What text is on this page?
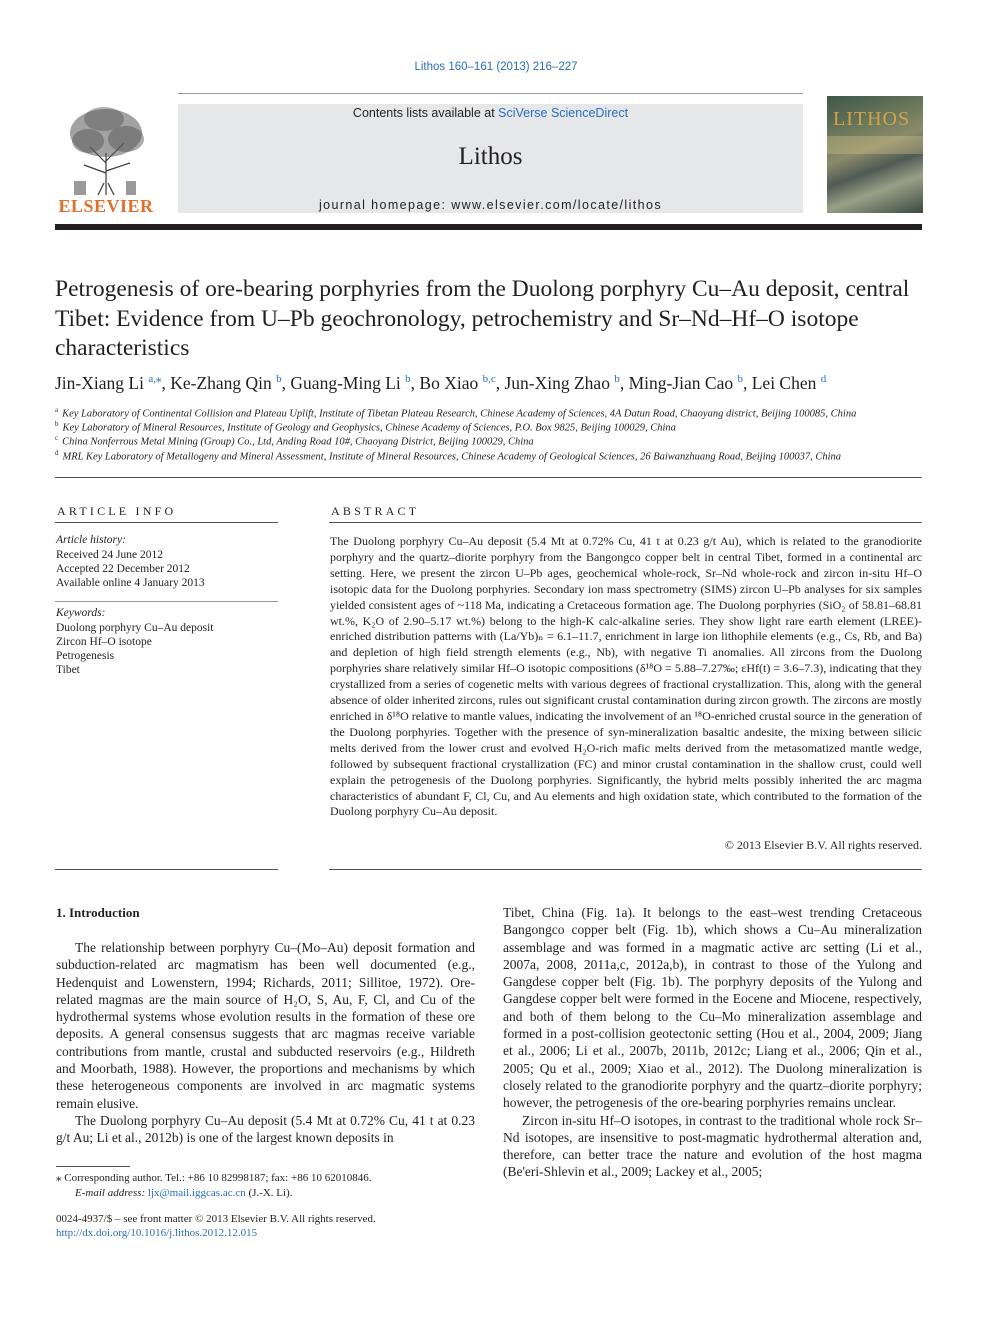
Lithos 160–161 (2013) 216–227
ELSEVIER
Contents lists available at SciVerse ScienceDirect
Lithos
journal homepage: www.elsevier.com/locate/lithos
LITHOS
Petrogenesis of ore-bearing porphyries from the Duolong porphyry Cu–Au deposit, central Tibet: Evidence from U–Pb geochronology, petrochemistry and Sr–Nd–Hf–O isotope characteristics
Jin-Xiang Li $^{a,⁎}$, Ke-Zhang Qin $^b$, Guang-Ming Li $^b$, Bo Xiao $^{b,c}$, Jun-Xing Zhao $^b$, Ming-Jian Cao $^b$, Lei Chen $^d$
$^a$ Key Laboratory of Continental Collision and Plateau Uplift, Institute of Tibetan Plateau Research, Chinese Academy of Sciences, 4A Datun Road, Chaoyang district, Beijing 100085, China
$^b$ Key Laboratory of Mineral Resources, Institute of Geology and Geophysics, Chinese Academy of Sciences, P.O. Box 9825, Beijing 100029, China
$^c$ China Nonferrous Metal Mining (Group) Co., Ltd, Anding Road 10#, Chaoyang District, Beijing 100029, China
$^d$ MRL Key Laboratory of Metallogeny and Mineral Assessment, Institute of Mineral Resources, Chinese Academy of Geological Sciences, 26 Baiwanzhuang Road, Beijing 100037, China
ARTICLE INFO	ABSTRACT
Article history:
Received 24 June 2012
Accepted 22 December 2012
Available online 4 January 2013
Keywords:
Duolong porphyry Cu–Au deposit
Zircon Hf–O isotope
Petrogenesis
Tibet
The Duolong porphyry Cu–Au deposit (5.4 Mt at 0.72% Cu, 41 t at 0.23 g/t Au), which is related to the granodiorite porphyry and the quartz–diorite porphyry from the Bangongco copper belt in central Tibet, formed in a continental arc setting. Here, we present the zircon U–Pb ages, geochemical whole-rock, Sr–Nd whole-rock and zircon in-situ Hf–O isotopic data for the Duolong porphyries. Secondary ion mass spectrometry (SIMS) zircon U–Pb analyses for six samples yielded consistent ages of ~118 Ma, indicating a Cretaceous formation age. The Duolong porphyries (SiO₂ of 58.81–68.81 wt.%, K₂O of 2.90–5.17 wt.%) belong to the high-K calc-alkaline series. They show light rare earth element (LREE)-enriched distribution patterns with (La/Yb)ₙ = 6.1–11.7, enrichment in large ion lithophile elements (e.g., Cs, Rb, and Ba) and depletion of high field strength elements (e.g., Nb), with negative Ti anomalies. All zircons from the Duolong porphyries share relatively similar Hf–O isotopic compositions (δ¹⁸O = 5.88–7.27‰; εHf(t) = 3.6–7.3), indicating that they crystallized from a series of cogenetic melts with various degrees of fractional crystallization. This, along with the general absence of older inherited zircons, rules out significant crustal contamination during zircon growth. The zircons are mostly enriched in δ¹⁸O relative to mantle values, indicating the involvement of an ¹⁸O-enriched crustal source in the generation of the Duolong porphyries. Together with the presence of syn-mineralization basaltic andesite, the mixing between silicic melts derived from the lower crust and evolved H₂O-rich mafic melts derived from the metasomatized mantle wedge, followed by subsequent fractional crystallization (FC) and minor crustal contamination in the shallow crust, could well explain the petrogenesis of the Duolong porphyries. Significantly, the hybrid melts possibly inherited the arc magma characteristics of abundant F, Cl, Cu, and Au elements and high oxidation state, which contributed to the formation of the Duolong porphyry Cu–Au deposit.
© 2013 Elsevier B.V. All rights reserved.
1. Introduction

The relationship between porphyry Cu–(Mo–Au) deposit formation and subduction-related arc magmatism has been well documented (e.g., Hedenquist and Lowenstern, 1994; Richards, 2011; Sillitoe, 1972). Ore-related magmas are the main source of H₂O, S, Au, F, Cl, and Cu of the hydrothermal systems whose evolution results in the formation of these ore deposits. A general consensus suggests that arc magmas receive variable contributions from mantle, crustal and subducted reservoirs (e.g., Hildreth and Moorbath, 1988). However, the proportions and mechanisms by which these heterogeneous components are involved in arc magmatic systems remain elusive.

The Duolong porphyry Cu–Au deposit (5.4 Mt at 0.72% Cu, 41 t at 0.23 g/t Au; Li et al., 2012b) is one of the largest known deposits in

Tibet, China (Fig. 1a). It belongs to the east–west trending Cretaceous Bangongco copper belt (Fig. 1b), which shows a Cu–Au mineralization assemblage and was formed in a magmatic active arc setting (Li et al., 2007a, 2008, 2011a,c, 2012a,b), in contrast to those of the Yulong and Gangdese copper belt (Fig. 1b). The porphyry deposits of the Yulong and Gangdese copper belt were formed in the Eocene and Miocene, respectively, and both of them belong to the Cu–Mo mineralization assemblage and formed in a post-collision geotectonic setting (Hou et al., 2004, 2009; Jiang et al., 2006; Li et al., 2007b, 2011b, 2012c; Liang et al., 2006; Qin et al., 2005; Qu et al., 2009; Xiao et al., 2012). The Duolong mineralization is closely related to the granodiorite porphyry and the quartz–diorite porphyry; however, the petrogenesis of the ore-bearing porphyries remains unclear.

Zircon in-situ Hf–O isotopes, in contrast to the traditional whole rock Sr–Nd isotopes, are insensitive to post-magmatic hydrothermal alteration and, therefore, can better trace the nature and evolution of the host magma (Be'eri-Shlevin et al., 2009; Lackey et al., 2005;

⁎ Corresponding author. Tel.: +86 10 82998187; fax: +86 10 62010846.
E-mail address: ljx@mail.iggcas.ac.cn (J.-X. Li).
0024-4937/$ – see front matter © 2013 Elsevier B.V. All rights reserved.
http://dx.doi.org/10.1016/j.lithos.2012.12.015
